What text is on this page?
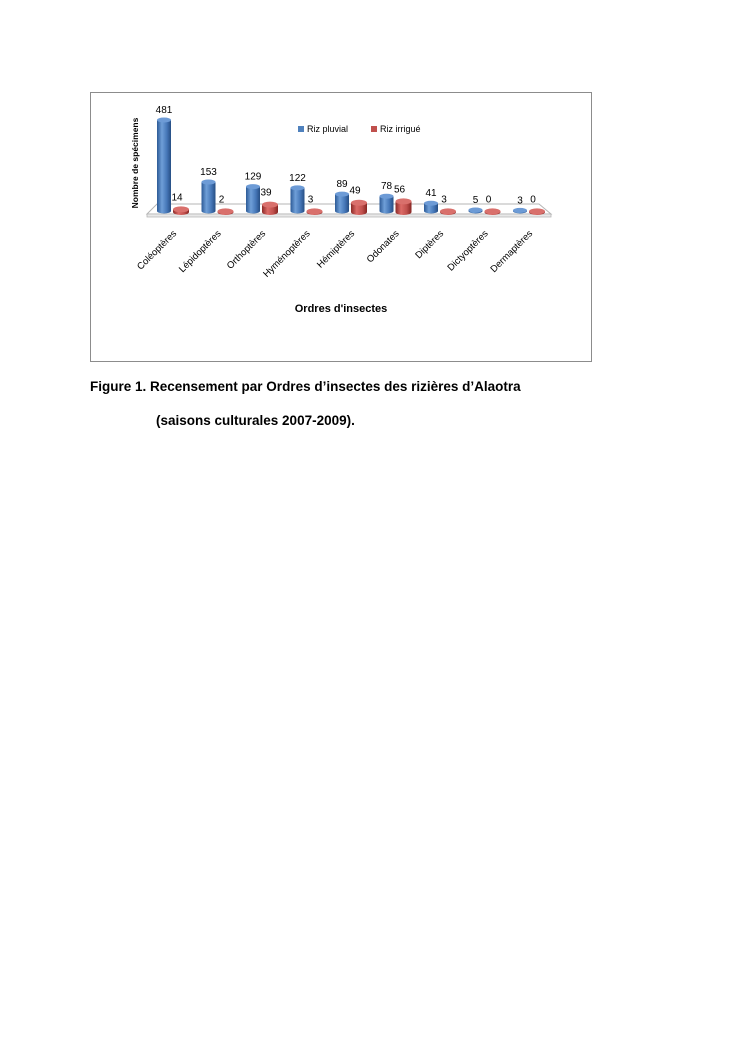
481
14
153
2
129
39
122
3
89
49 78 56 41
3	5 0	3 0
Coléoptères
Lépidoptères Orthoptères
Hyménoptères Hémiptères Odonates Diptères Dictyoptères
Dermaptères
Riz pluvial	Riz irrigué
Nombre de spécimens
Ordres d'insectes
Figure 1. Recensement par Ordres d’insectes des rizières d’Alaotra
(saisons culturales 2007-2009).
